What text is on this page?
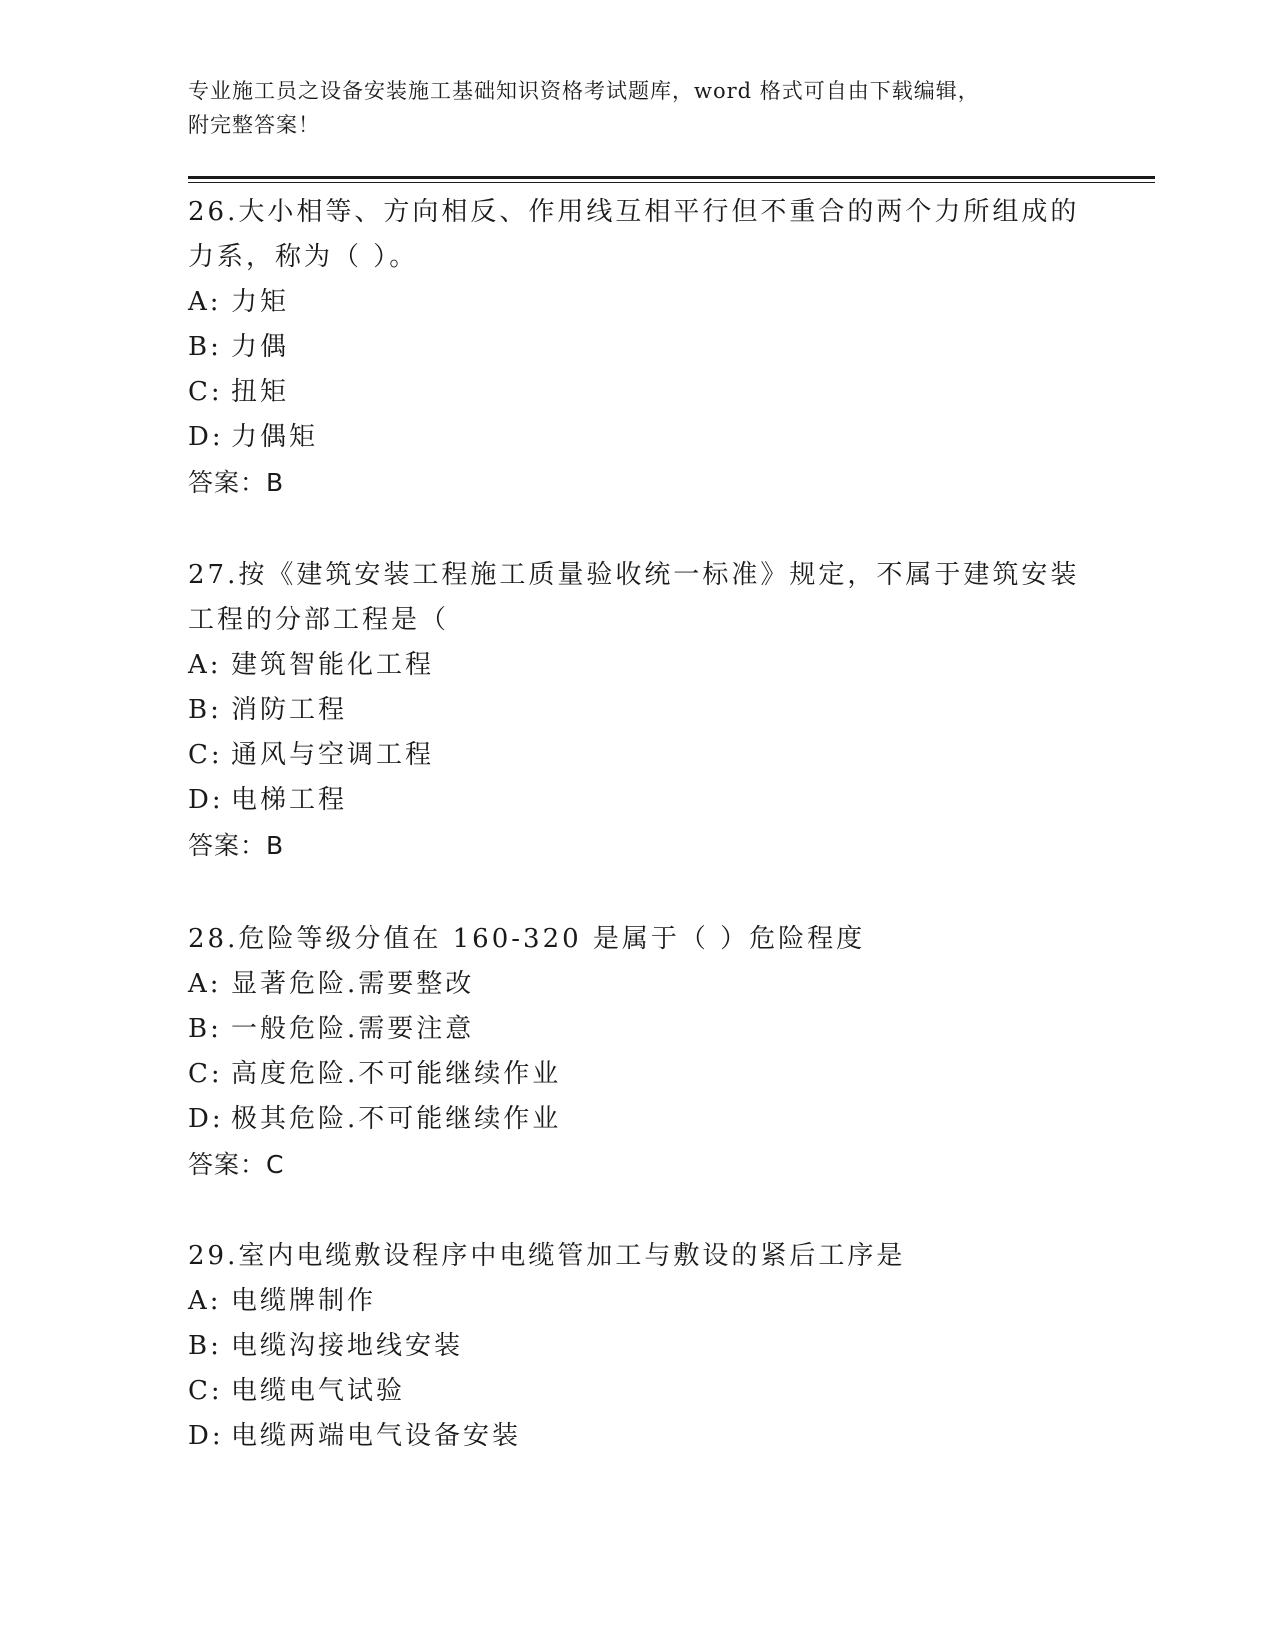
专业施工员之设备安装施工基础知识资格考试题库，word 格式可自由下载编辑，
附完整答案！
26.大小相等、方向相反、作用线互相平行但不重合的两个力所组成的
力系，称为（ ）。
A: 力矩
B: 力偶
C: 扭矩
D: 力偶矩
答案：B
27.按《建筑安装工程施工质量验收统一标准》规定，不属于建筑安装
工程的分部工程是（
A: 建筑智能化工程
B: 消防工程
C: 通风与空调工程
D: 电梯工程
答案：B
28.危险等级分值在 160-320 是属于（ ）危险程度
A: 显著危险.需要整改
B: 一般危险.需要注意
C: 高度危险.不可能继续作业
D: 极其危险.不可能继续作业
答案：C
29.室内电缆敷设程序中电缆管加工与敷设的紧后工序是
A: 电缆牌制作
B: 电缆沟接地线安装
C: 电缆电气试验
D: 电缆两端电气设备安装
